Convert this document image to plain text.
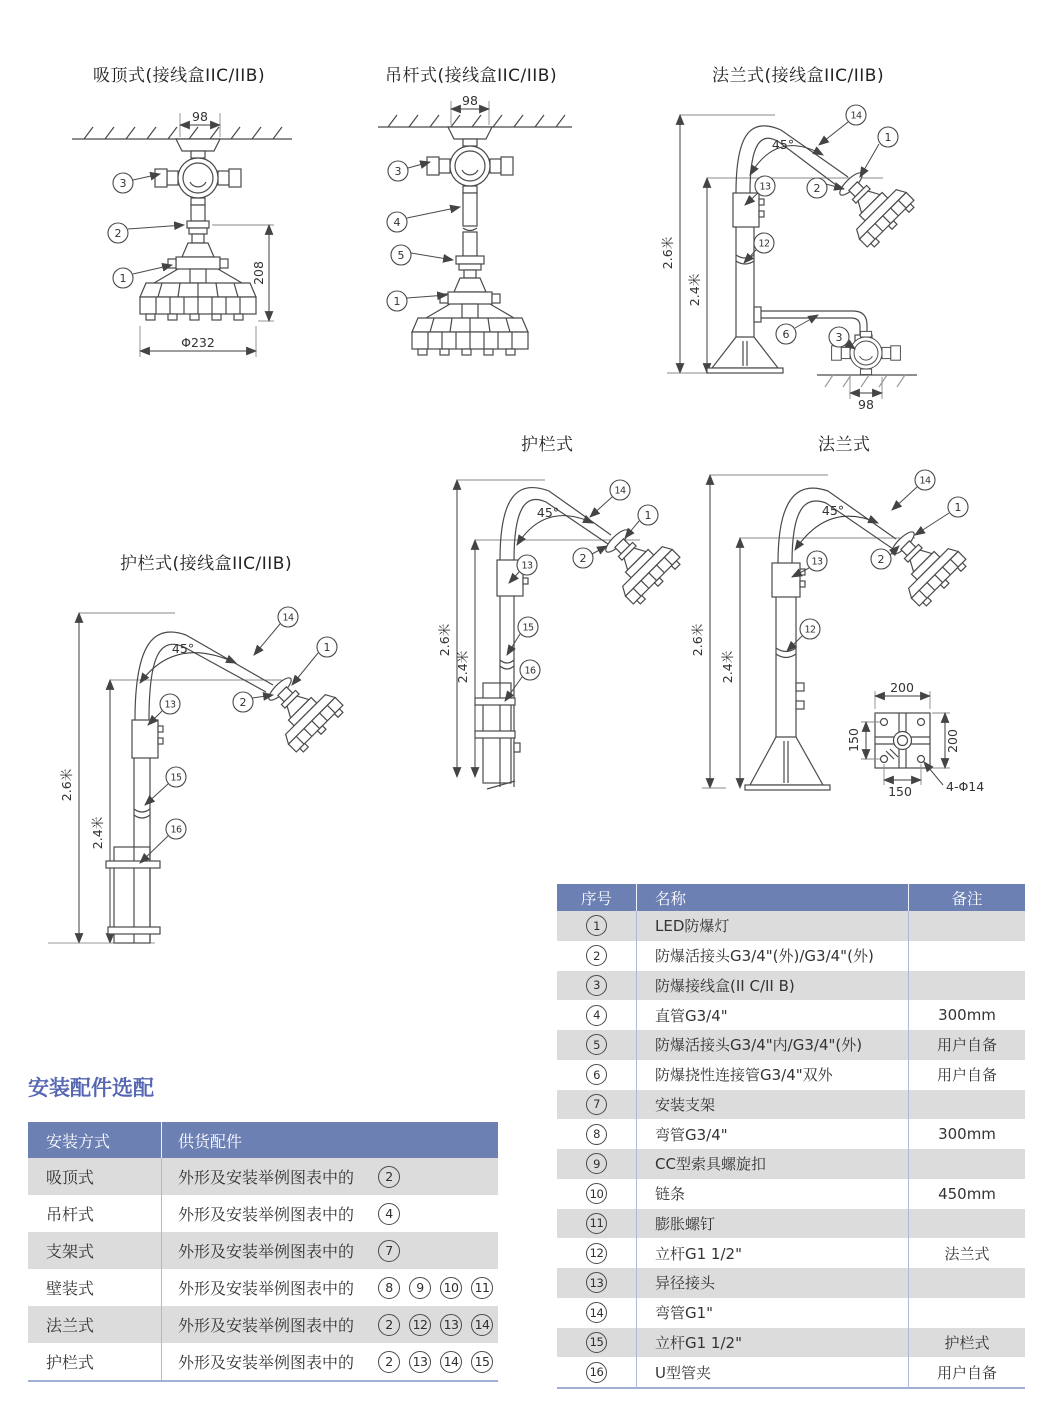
吸顶式(接线盒IIC/IIB)	吊杆式(接线盒IIC/IIB)	法兰式(接线盒IIC/IIB)
护栏式(接线盒IIC/IIB)
护栏式	法兰式
98
3
2
1	208
Φ232
98
3
4
5
1
2.6米
2.4米
45°
98
14
1
2
13
12
6	3
2.6米
2.4米
45°
14
1
2
13
15
16
2.6米
2.4米
45°
14
1
2
13
15
16
2.6米
2.4米
45°
14
1
2
13
12
200
150	200
150	4-Φ14
安装配件选配
安装方式	供货配件
吸顶式	外形及安装举例图表中的	2
吊杆式	外形及安装举例图表中的	4
支架式	外形及安装举例图表中的	7
壁装式	外形及安装举例图表中的	8	9	10 11
法兰式	外形及安装举例图表中的	2	12 13 14
护栏式	外形及安装举例图表中的	2	13 14 15
序号	名称	备注
1	LED防爆灯
2	防爆活接头G3/4"(外)/G3/4"(外)
3	防爆接线盒(II C/II B)
4	直管G3/4"	300mm
5	防爆活接头G3/4"内/G3/4"(外)	用户自备
6	防爆挠性连接管G3/4"双外	用户自备
7	安装支架
8	弯管G3/4"	300mm
9	CC型索具螺旋扣
10	链条	450mm
11	膨胀螺钉
12	立杆G1 1/2"	法兰式
13	异径接头
14	弯管G1"
15	立杆G1 1/2"	护栏式
16	U型管夹	用户自备
